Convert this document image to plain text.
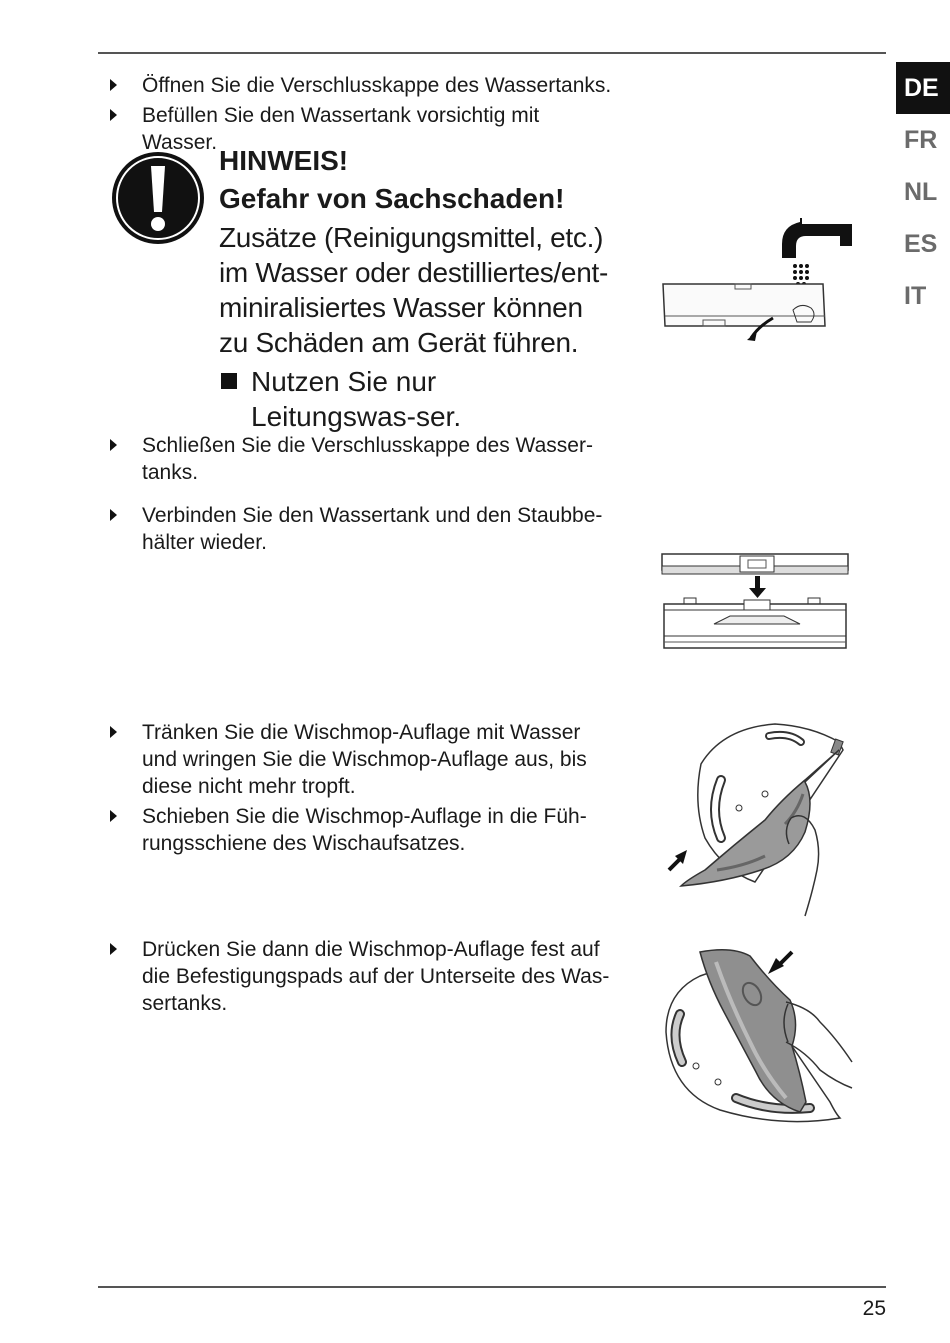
DE
FR
NL
ES
IT
Öffnen Sie die Verschlusskappe des Wassertanks.
Befüllen Sie den Wassertank vorsichtig mit Wasser.
HINWEIS!
Gefahr von Sachschaden!
Zusätze (Reinigungsmittel, etc.) im Wasser oder destilliertes/ent-miniralisiertes Wasser können zu Schäden am Gerät führen.
Nutzen Sie nur Leitungswas-ser.
Schließen Sie die Verschlusskappe des Wasser-tanks.
Verbinden Sie den Wassertank und den Staubbe-hälter wieder.
Tränken Sie die Wischmop-Auflage mit Wasser und wringen Sie die Wischmop-Auflage aus, bis diese nicht mehr tropft.
Schieben Sie die Wischmop-Auflage in die Füh-rungsschiene des Wischaufsatzes.
Drücken Sie dann die Wischmop-Auflage fest auf die Befestigungspads auf der Unterseite des Was-sertanks.
25
